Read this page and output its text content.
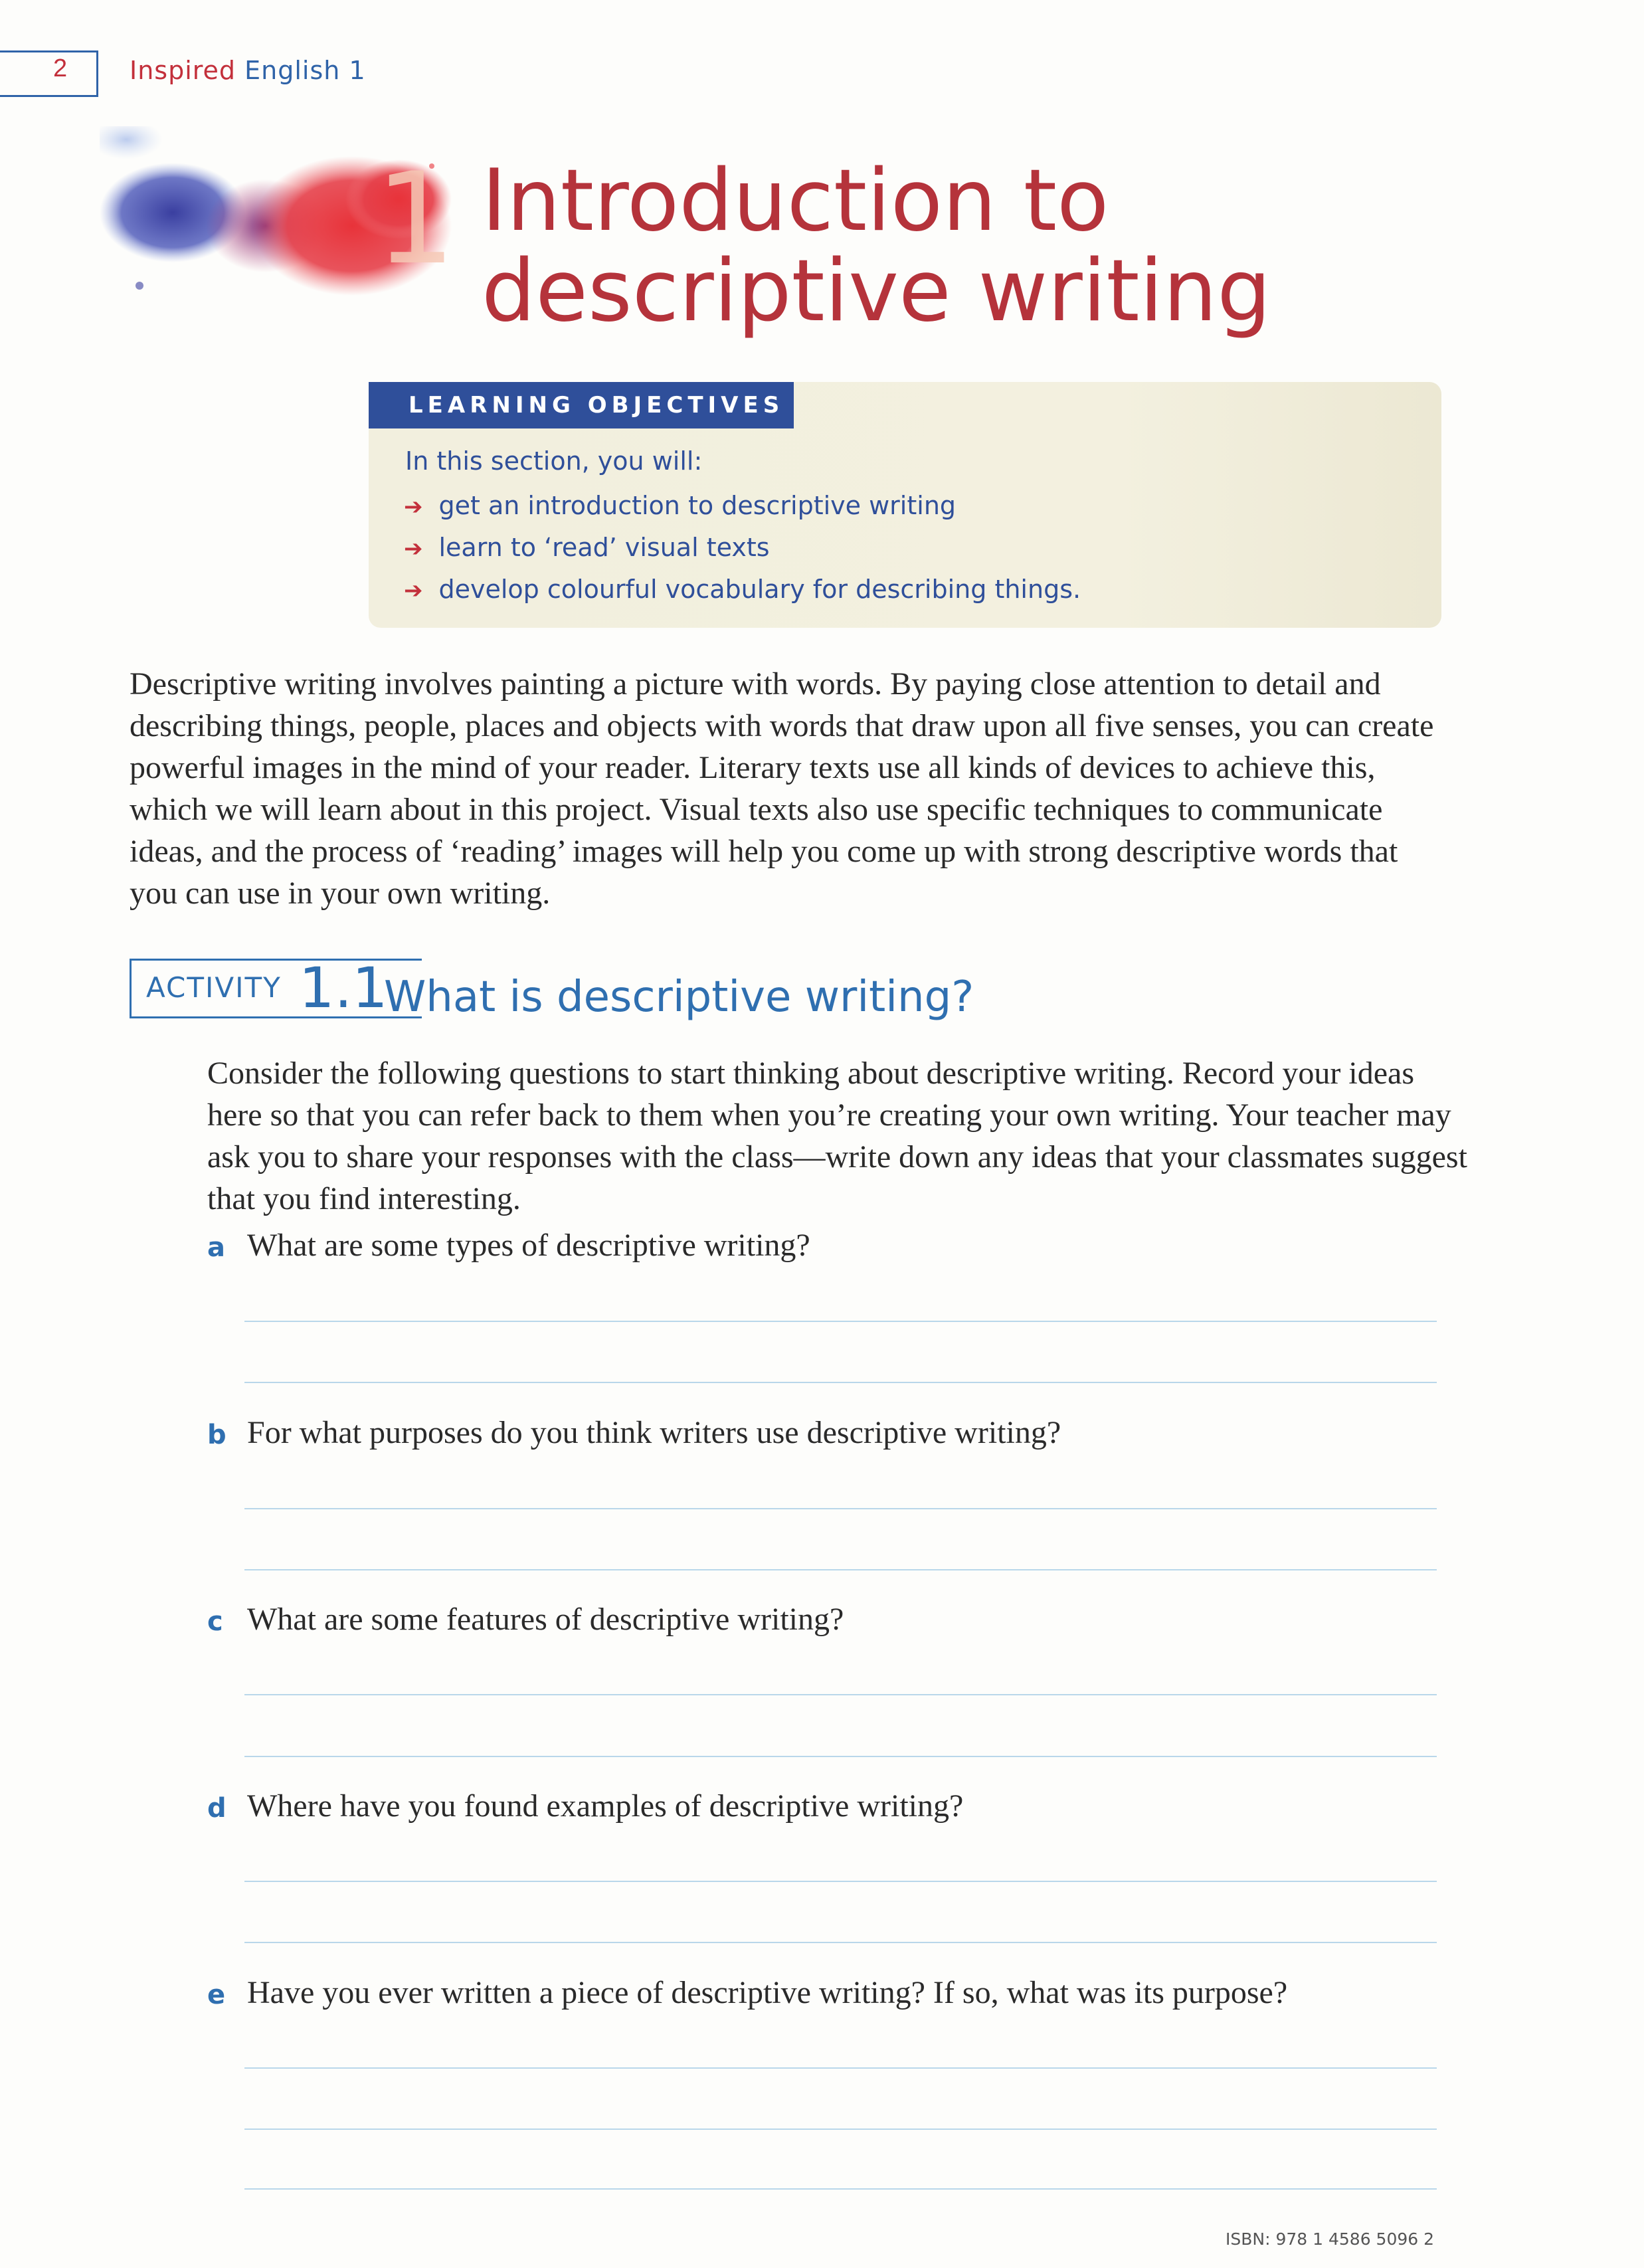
2 Inspired English 1
1 Introduction to
descriptive writing
LEARNING OBJECTIVES
In this section, you will:
➔ get an introduction to descriptive writing
➔ learn to ‘read’ visual texts
➔ develop colourful vocabulary for describing things.

Descriptive writing involves painting a picture with words. By paying close attention to detail and describing things, people, places and objects with words that draw upon all five senses, you can create powerful images in the mind of your reader. Literary texts use all kinds of devices to achieve this, which we will learn about in this project. Visual texts also use specific techniques to communicate ideas, and the process of ‘reading’ images will help you come up with strong descriptive words that you can use in your own writing.

ACTIVITY 1.1
What is descriptive writing?

Consider the following questions to start thinking about descriptive writing. Record your ideas here so that you can refer back to them when you’re creating your own writing. Your teacher may ask you to share your responses with the class—write down any ideas that your classmates suggest that you find interesting.

a What are some types of descriptive writing?
b For what purposes do you think writers use descriptive writing?
c What are some features of descriptive writing?
d Where have you found examples of descriptive writing?
e Have you ever written a piece of descriptive writing? If so, what was its purpose?
ISBN: 978 1 4586 5096 2
